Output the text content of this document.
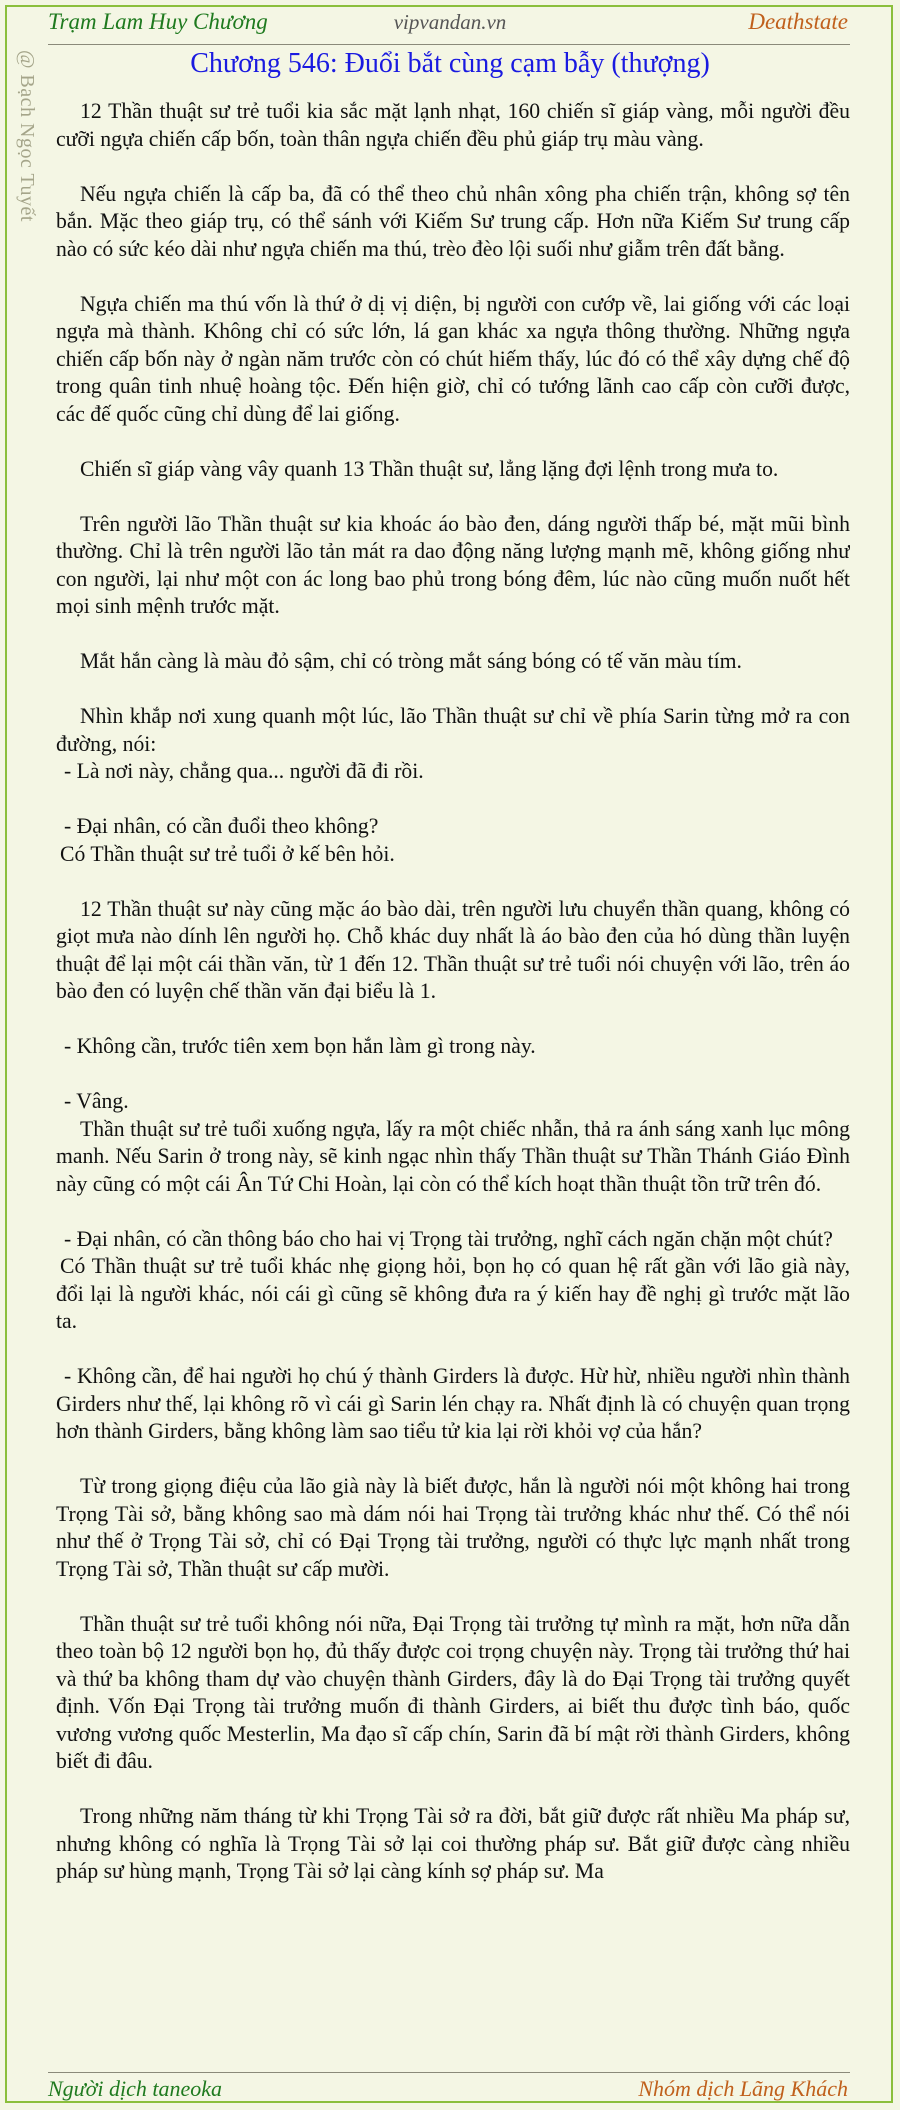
Trạm Lam Huy Chương	vipvandan.vn	Deathstate
@ Bạch Ngọc Tuyết	Chương 546: Đuổi bắt cùng cạm bẫy (thượng)

12 Thần thuật sư trẻ tuổi kia sắc mặt lạnh nhạt, 160 chiến sĩ giáp vàng, mỗi người đều cưỡi ngựa chiến cấp bốn, toàn thân ngựa chiến đều phủ giáp trụ màu vàng.

Nếu ngựa chiến là cấp ba, đã có thể theo chủ nhân xông pha chiến trận, không sợ tên bắn. Mặc theo giáp trụ, có thể sánh với Kiếm Sư trung cấp. Hơn nữa Kiếm Sư trung cấp nào có sức kéo dài như ngựa chiến ma thú, trèo đèo lội suối như giẫm trên đất bằng.

Ngựa chiến ma thú vốn là thứ ở dị vị diện, bị người con cướp về, lai giống với các loại ngựa mà thành. Không chỉ có sức lớn, lá gan khác xa ngựa thông thường. Những ngựa chiến cấp bốn này ở ngàn năm trước còn có chút hiếm thấy, lúc đó có thể xây dựng chế độ trong quân tinh nhuệ hoàng tộc. Đến hiện giờ, chỉ có tướng lãnh cao cấp còn cưỡi được, các đế quốc cũng chỉ dùng để lai giống.

Chiến sĩ giáp vàng vây quanh 13 Thần thuật sư, lẳng lặng đợi lệnh trong mưa to.

Trên người lão Thần thuật sư kia khoác áo bào đen, dáng người thấp bé, mặt mũi bình thường. Chỉ là trên người lão tản mát ra dao động năng lượng mạnh mẽ, không giống như con người, lại như một con ác long bao phủ trong bóng đêm, lúc nào cũng muốn nuốt hết mọi sinh mệnh trước mặt.

Mắt hắn càng là màu đỏ sậm, chỉ có tròng mắt sáng bóng có tế văn màu tím.

Nhìn khắp nơi xung quanh một lúc, lão Thần thuật sư chỉ về phía Sarin từng mở ra con đường, nói:

- Là nơi này, chẳng qua... người đã đi rồi.

- Đại nhân, có cần đuổi theo không?

Có Thần thuật sư trẻ tuổi ở kế bên hỏi.

12 Thần thuật sư này cũng mặc áo bào dài, trên người lưu chuyển thần quang, không có giọt mưa nào dính lên người họ. Chỗ khác duy nhất là áo bào đen của hó dùng thần luyện thuật để lại một cái thần văn, từ 1 đến 12. Thần thuật sư trẻ tuổi nói chuyện với lão, trên áo bào đen có luyện chế thần văn đại biểu là 1.

- Không cần, trước tiên xem bọn hắn làm gì trong này.

- Vâng.

Thần thuật sư trẻ tuổi xuống ngựa, lấy ra một chiếc nhẫn, thả ra ánh sáng xanh lục mông manh. Nếu Sarin ở trong này, sẽ kinh ngạc nhìn thấy Thần thuật sư Thần Thánh Giáo Đình này cũng có một cái Ân Tứ Chi Hoàn, lại còn có thể kích hoạt thần thuật tồn trữ trên đó.

- Đại nhân, có cần thông báo cho hai vị Trọng tài trưởng, nghĩ cách ngăn chặn một chút?

Có Thần thuật sư trẻ tuổi khác nhẹ giọng hỏi, bọn họ có quan hệ rất gần với lão già này, đổi lại là người khác, nói cái gì cũng sẽ không đưa ra ý kiến hay đề nghị gì trước mặt lão ta.

- Không cần, để hai người họ chú ý thành Girders là được. Hừ hừ, nhiều người nhìn thành Girders như thế, lại không rõ vì cái gì Sarin lén chạy ra. Nhất định là có chuyện quan trọng hơn thành Girders, bằng không làm sao tiểu tử kia lại rời khỏi vợ của hắn?

Từ trong giọng điệu của lão già này là biết được, hắn là người nói một không hai trong Trọng Tài sở, bằng không sao mà dám nói hai Trọng tài trưởng khác như thế. Có thể nói như thế ở Trọng Tài sở, chỉ có Đại Trọng tài trưởng, người có thực lực mạnh nhất trong Trọng Tài sở, Thần thuật sư cấp mười.

Thần thuật sư trẻ tuổi không nói nữa, Đại Trọng tài trưởng tự mình ra mặt, hơn nữa dẫn theo toàn bộ 12 người bọn họ, đủ thấy được coi trọng chuyện này. Trọng tài trưởng thứ hai và thứ ba không tham dự vào chuyện thành Girders, đây là do Đại Trọng tài trưởng quyết định. Vốn Đại Trọng tài trưởng muốn đi thành Girders, ai biết thu được tình báo, quốc vương vương quốc Mesterlin, Ma đạo sĩ cấp chín, Sarin đã bí mật rời thành Girders, không biết đi đâu.

Trong những năm tháng từ khi Trọng Tài sở ra đời, bắt giữ được rất nhiều Ma pháp sư, nhưng không có nghĩa là Trọng Tài sở lại coi thường pháp sư. Bắt giữ được càng nhiều pháp sư hùng mạnh, Trọng Tài sở lại càng kính sợ pháp sư. Ma

Người dịch taneoka	Nhóm dịch Lãng Khách
